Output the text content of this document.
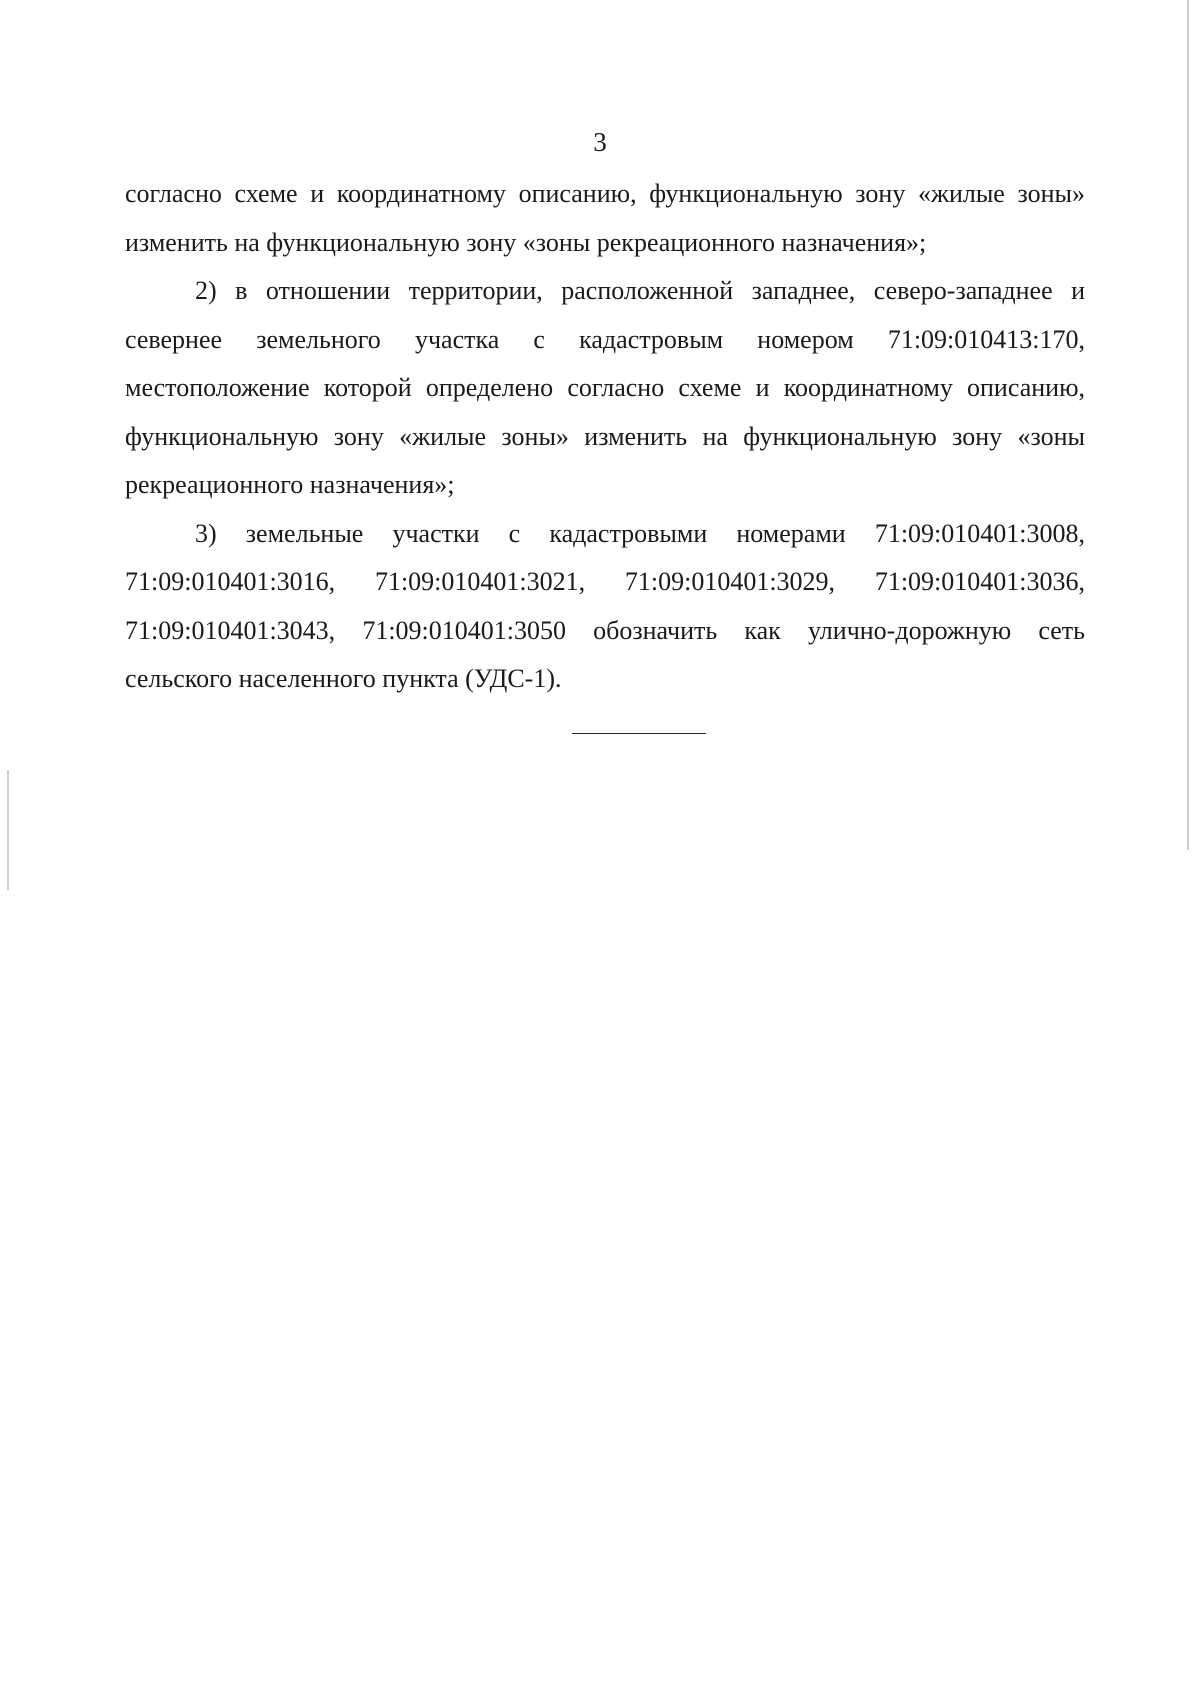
3

согласно схеме и координатному описанию, функциональную зону «жилые зоны» изменить на функциональную зону «зоны рекреационного назначения»;

2) в отношении территории, расположенной западнее, северо-западнее и севернее земельного участка с кадастровым номером 71:09:010413:170, местоположение которой определено согласно схеме и координатному описанию, функциональную зону «жилые зоны» изменить на функциональную зону «зоны рекреационного назначения»;

3) земельные участки с кадастровыми номерами 71:09:010401:3008, 71:09:010401:3016, 71:09:010401:3021, 71:09:010401:3029, 71:09:010401:3036, 71:09:010401:3043, 71:09:010401:3050 обозначить как улично-дорожную сеть сельского населенного пункта (УДС-1).
